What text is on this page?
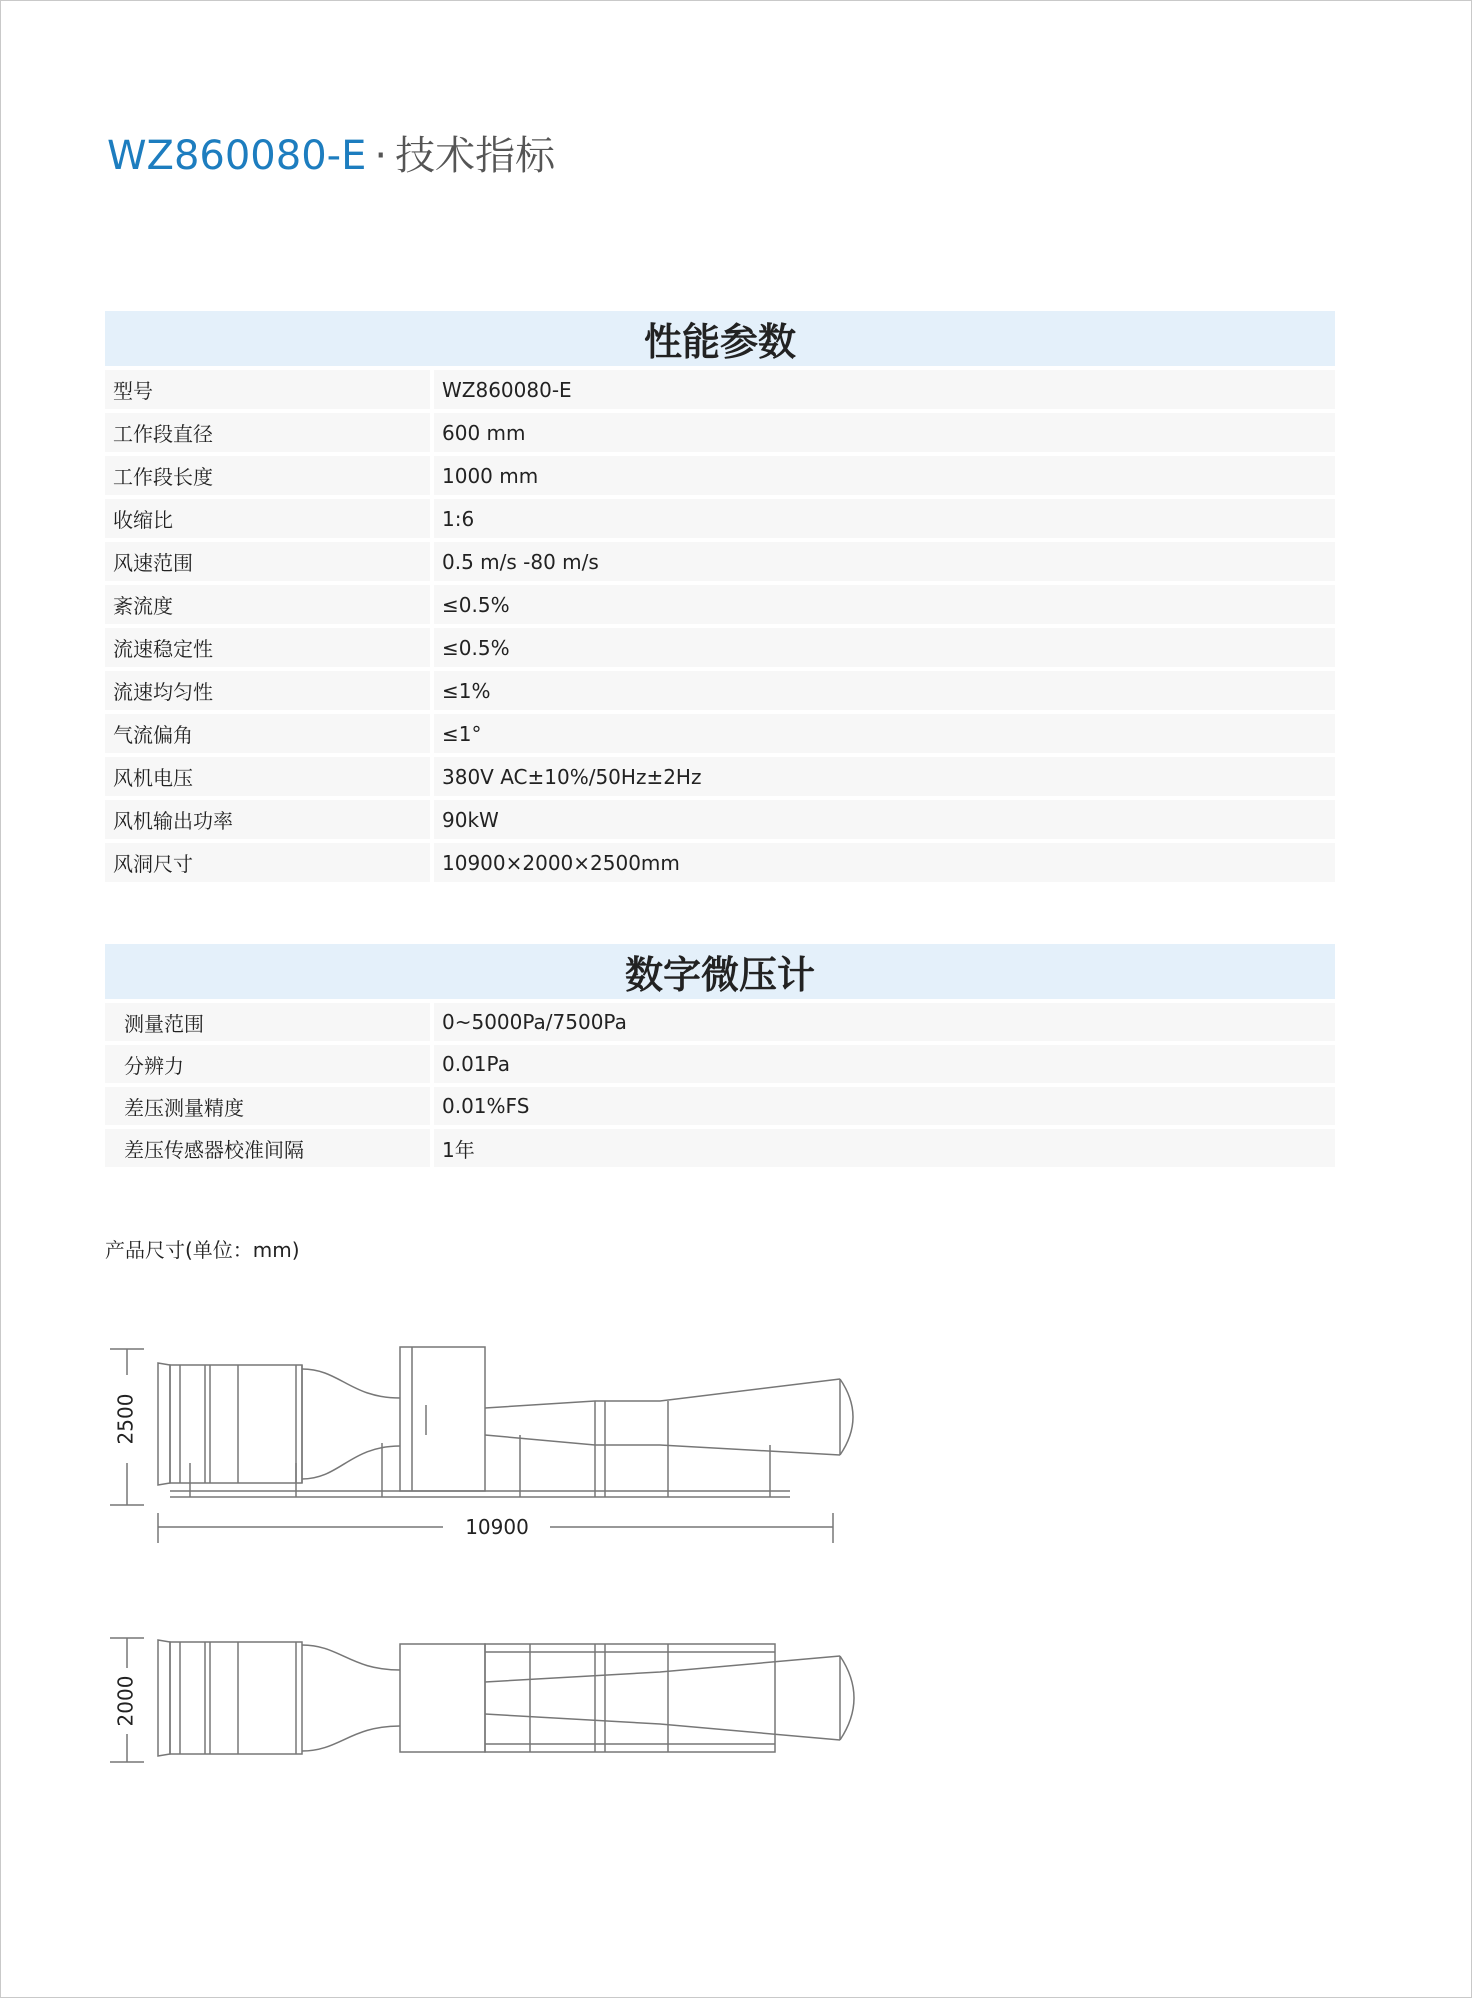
WZ860080-E · 技术指标
性能参数	
型号	WZ860080-E
工作段直径	600 mm
工作段长度	1000 mm
收缩比	1:6
风速范围	0.5 m/s -80 m/s
紊流度	≤0.5%
流速稳定性	≤0.5%
流速均匀性	≤1%
气流偏角	≤1°
风机电压	380V AC±10%/50Hz±2Hz
风机输出功率	90kW
风洞尺寸	10900×2000×2500mm
数字微压计	
测量范围	0~5000Pa/7500Pa
分辨力	0.01Pa
差压测量精度	0.01%FS
差压传感器校准间隔	1年
产品尺寸(单位：mm)
2500
10900
2000
